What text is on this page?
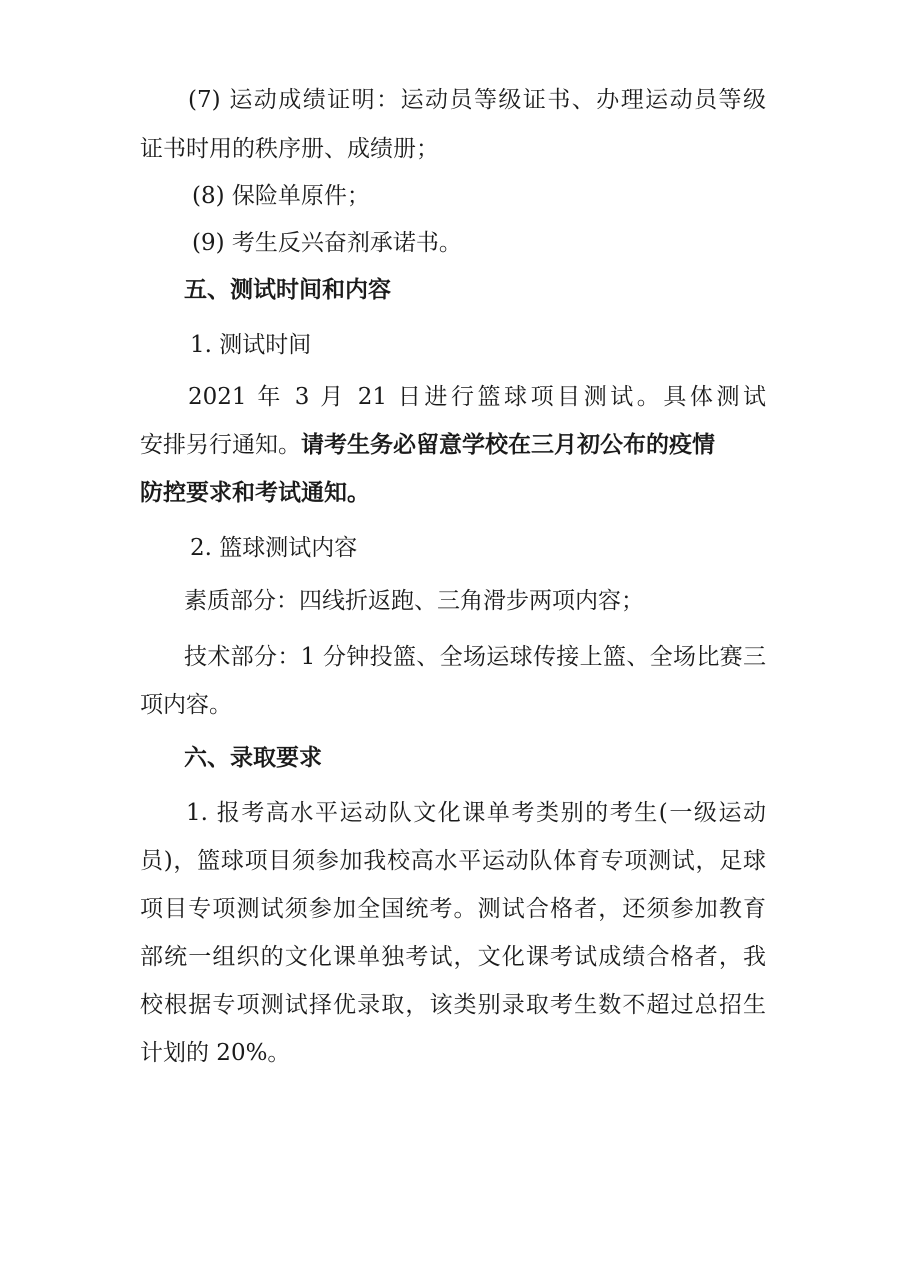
(7) 运动成绩证明：运动员等级证书、办理运动员等级
证书时用的秩序册、成绩册；
(8) 保险单原件；
(9) 考生反兴奋剂承诺书。
五、测试时间和内容
1. 测试时间
2021 年 3 月 21 日进行篮球项目测试。具体测试
安排另行通知。请考生务必留意学校在三月初公布的疫情
防控要求和考试通知。
2. 篮球测试内容
素质部分：四线折返跑、三角滑步两项内容；
技术部分：1 分钟投篮、全场运球传接上篮、全场比赛三
项内容。
六、录取要求
1. 报考高水平运动队文化课单考类别的考生(一级运动
员)，篮球项目须参加我校高水平运动队体育专项测试，足球
项目专项测试须参加全国统考。测试合格者，还须参加教育
部统一组织的文化课单独考试，文化课考试成绩合格者，我
校根据专项测试择优录取，该类别录取考生数不超过总招生
计划的 20%。
